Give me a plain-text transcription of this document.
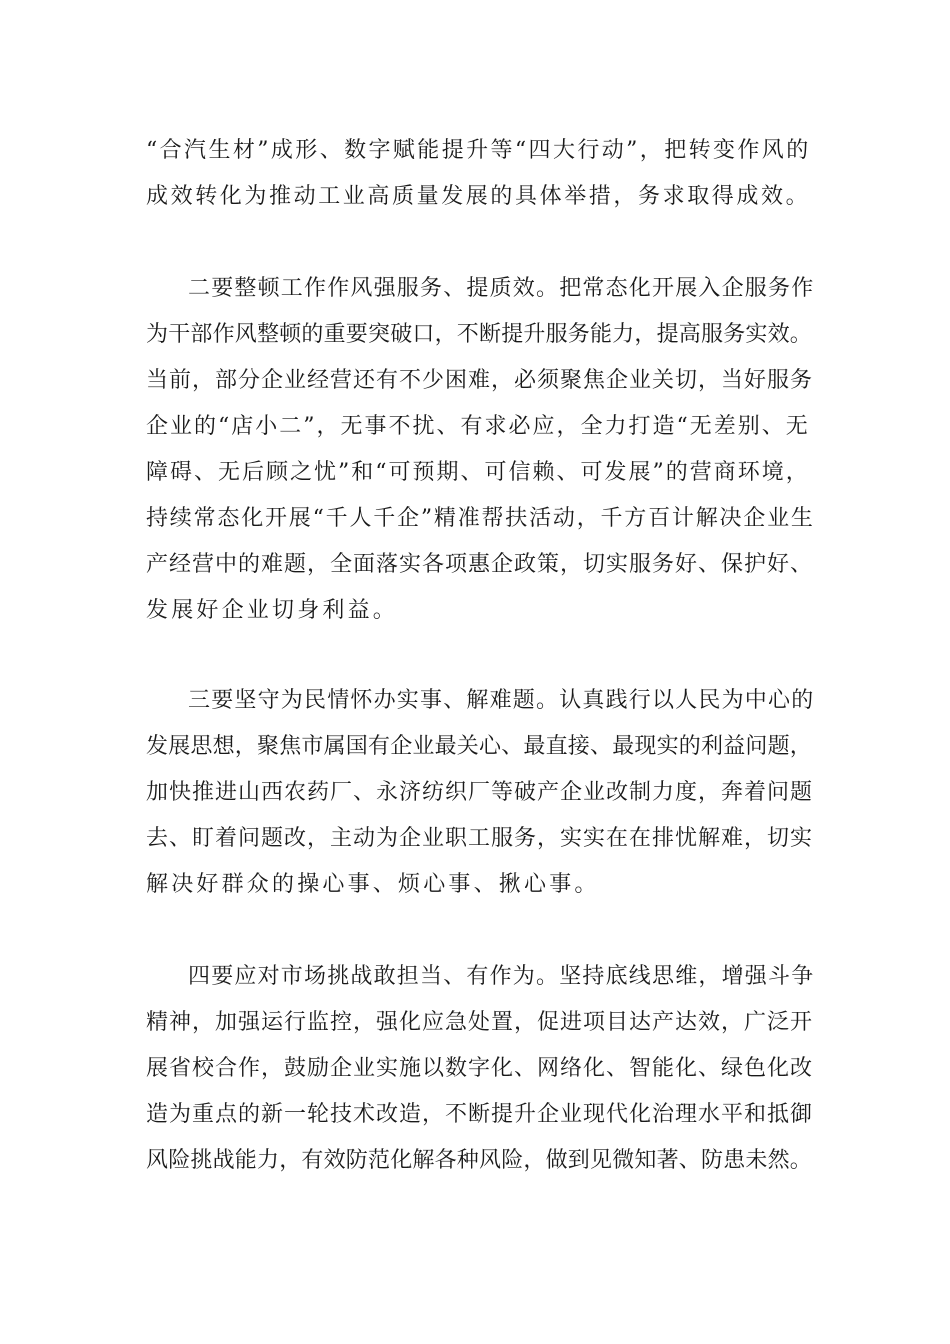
“合汽生材”成形、数字赋能提升等“四大行动”，把转变作风的
成效转化为推动工业高质量发展的具体举措，务求取得成效。
二要整顿工作作风强服务、提质效。把常态化开展入企服务作
为干部作风整顿的重要突破口，不断提升服务能力，提高服务实效。
当前，部分企业经营还有不少困难，必须聚焦企业关切，当好服务
企业的“店小二”，无事不扰、有求必应，全力打造“无差别、无
障碍、无后顾之忧”和“可预期、可信赖、可发展”的营商环境，
持续常态化开展“千人千企”精准帮扶活动，千方百计解决企业生
产经营中的难题，全面落实各项惠企政策，切实服务好、保护好、
发展好企业切身利益。
三要坚守为民情怀办实事、解难题。认真践行以人民为中心的
发展思想，聚焦市属国有企业最关心、最直接、最现实的利益问题，
加快推进山西农药厂、永济纺织厂等破产企业改制力度，奔着问题
去、盯着问题改，主动为企业职工服务，实实在在排忧解难，切实
解决好群众的操心事、烦心事、揪心事。
四要应对市场挑战敢担当、有作为。坚持底线思维，增强斗争
精神，加强运行监控，强化应急处置，促进项目达产达效，广泛开
展省校合作，鼓励企业实施以数字化、网络化、智能化、绿色化改
造为重点的新一轮技术改造，不断提升企业现代化治理水平和抵御
风险挑战能力，有效防范化解各种风险，做到见微知著、防患未然。
